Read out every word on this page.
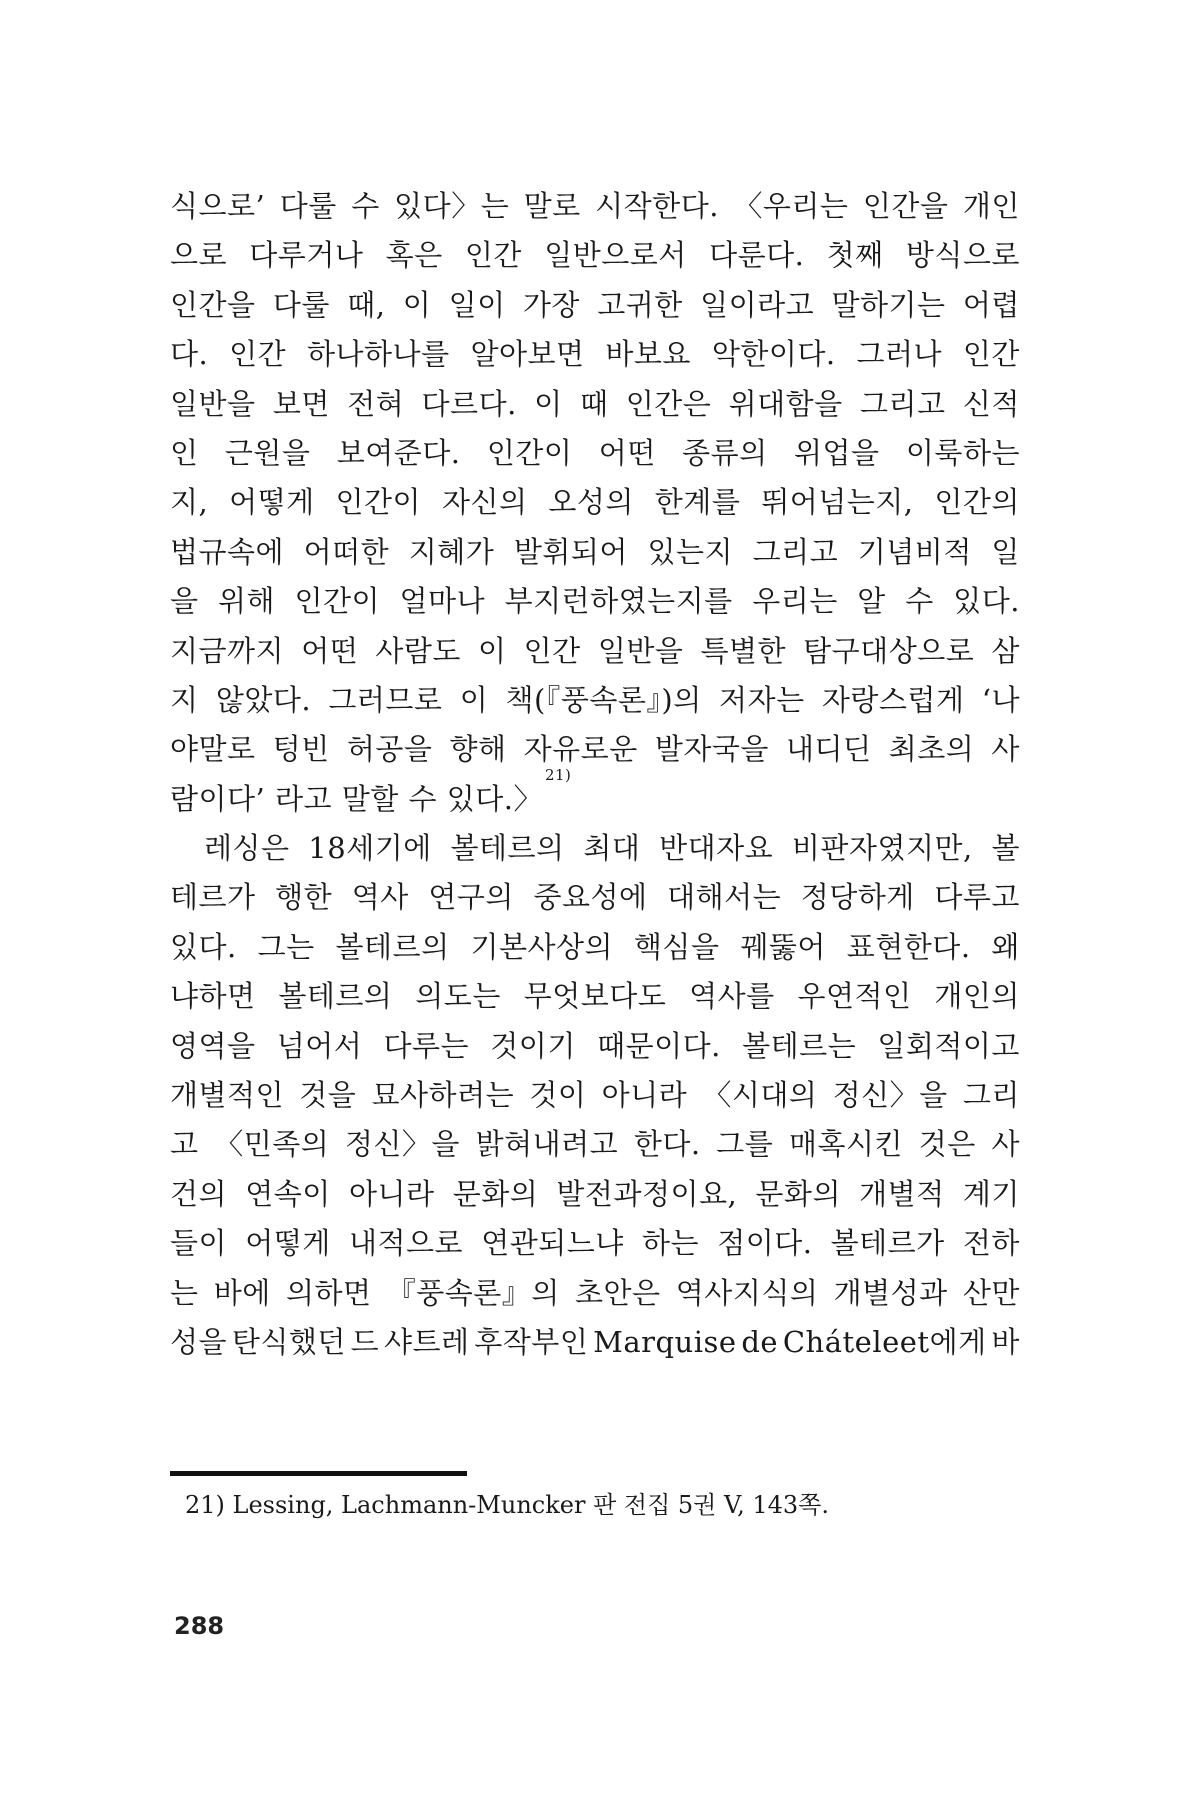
식으로’ 다룰 수 있다〉는 말로 시작한다. 〈우리는 인간을 개인
으로 다루거나 혹은 인간 일반으로서 다룬다. 첫째 방식으로
인간을 다룰 때, 이 일이 가장 고귀한 일이라고 말하기는 어렵
다. 인간 하나하나를 알아보면 바보요 악한이다. 그러나 인간
일반을 보면 전혀 다르다. 이 때 인간은 위대함을 그리고 신적
인 근원을 보여준다. 인간이 어떤 종류의 위업을 이룩하는
지, 어떻게 인간이 자신의 오성의 한계를 뛰어넘는지, 인간의
법규속에 어떠한 지혜가 발휘되어 있는지 그리고 기념비적 일
을 위해 인간이 얼마나 부지런하였는지를 우리는 알 수 있다.
지금까지 어떤 사람도 이 인간 일반을 특별한 탐구대상으로 삼
지 않았다. 그러므로 이 책(『풍속론』)의 저자는 자랑스럽게 ‘나
야말로 텅빈 허공을 향해 자유로운 발자국을 내디딘 최초의 사
람이다’ 라고 말할 수 있다.〉
21)
레싱은 18세기에 볼테르의 최대 반대자요 비판자였지만, 볼
테르가 행한 역사 연구의 중요성에 대해서는 정당하게 다루고
있다. 그는 볼테르의 기본사상의 핵심을 꿰뚫어 표현한다. 왜
냐하면 볼테르의 의도는 무엇보다도 역사를 우연적인 개인의
영역을 넘어서 다루는 것이기 때문이다. 볼테르는 일회적이고
개별적인 것을 묘사하려는 것이 아니라 〈시대의 정신〉을 그리
고 〈민족의 정신〉을 밝혀내려고 한다. 그를 매혹시킨 것은 사
건의 연속이 아니라 문화의 발전과정이요, 문화의 개별적 계기
들이 어떻게 내적으로 연관되느냐 하는 점이다. 볼테르가 전하
는 바에 의하면 『풍속론』의 초안은 역사지식의 개별성과 산만
성을 탄식했던 드 샤트레 후작부인 Marquise de Cháteleet에게 바
21) Lessing, Lachmann-Muncker 판 전집 5권 V, 143쪽.
288
